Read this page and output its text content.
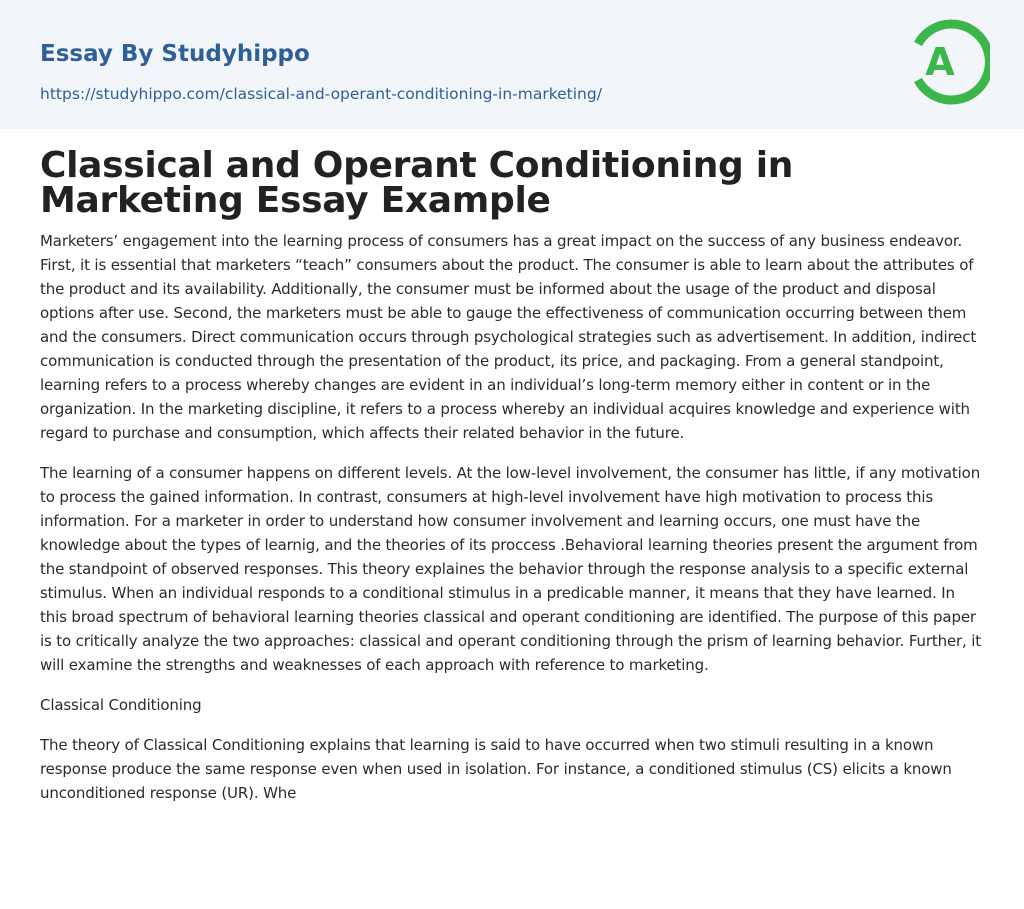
Essay By Studyhippo
https://studyhippo.com/classical-and-operant-conditioning-in-marketing/
A
Classical and Operant Conditioning in Marketing Essay Example

Marketers’ engagement into the learning process of consumers has a great impact on the success of any business endeavor. First, it is essential that marketers “teach” consumers about the product. The consumer is able to learn about the attributes of the product and its availability. Additionally, the consumer must be informed about the usage of the product and disposal options after use. Second, the marketers must be able to gauge the effectiveness of communication occurring between them and the consumers. Direct communication occurs through psychological strategies such as advertisement. In addition, indirect communication is conducted through the presentation of the product, its price, and packaging. From a general standpoint, learning refers to a process whereby changes are evident in an individual’s long-term memory either in content or in the organization. In the marketing discipline, it refers to a process whereby an individual acquires knowledge and experience with regard to purchase and consumption, which affects their related behavior in the future.

The learning of a consumer happens on different levels. At the low-level involvement, the consumer has little, if any motivation to process the gained information. In contrast, consumers at high-level involvement have high motivation to process this information. For a marketer in order to understand how consumer involvement and learning occurs, one must have the knowledge about the types of learnig, and the theories of its proccess .Behavioral learning theories present the argument from the standpoint of observed responses. This theory explaines the behavior through the response analysis to a specific external stimulus. When an individual responds to a conditional stimulus in a predicable manner, it means that they have learned. In this broad spectrum of behavioral learning theories classical and operant conditioning are identified. The purpose of this paper is to critically analyze the two approaches: classical and operant conditioning through the prism of learning behavior. Further, it will examine the strengths and weaknesses of each approach with reference to marketing.

Classical Conditioning

The theory of Classical Conditioning explains that learning is said to have occurred when two stimuli resulting in a known response produce the same response even when used in isolation. For instance, a conditioned stimulus (CS) elicits a known unconditioned response (UR). Whe
